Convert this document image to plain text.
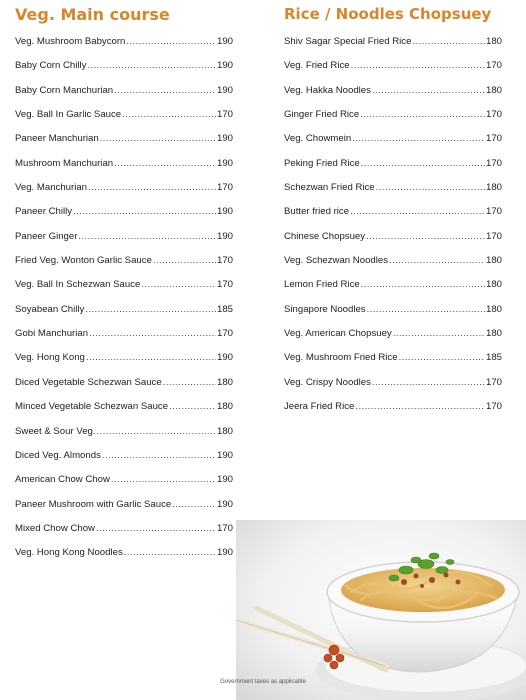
Veg. Main course
Veg. Mushroom Babycorn .....	190
Baby Corn Chilly .....	190
Baby Corn Manchurian .....	190
Veg. Ball In Garlic Sauce .....	170
Paneer Manchurian .....	190
Mushroom Manchurian .....	190
Veg. Manchurian .....	170
Paneer Chilly .....	190
Paneer Ginger .....	190
Fried Veg. Wonton Garlic Sauce .....	170
Veg. Ball In Schezwan Sauce .....	170
Soyabean Chilly .....	185
Gobi Manchurian .....	170
Veg. Hong Kong .....	190
Diced Vegetable Schezwan Sauce .....	180
Minced Vegetable Schezwan Sauce .....	180
Sweet & Sour Veg. .....	180
Diced Veg. Almonds .....	190
American Chow Chow .....	190
Paneer Mushroom with Garlic Sauce .....	190
Mixed Chow Chow .....	170
Veg. Hong Kong Noodles .....	190
Rice / Noodles Chopsuey
Shiv Sagar Special Fried Rice .....	180
Veg. Fried Rice .....	170
Veg. Hakka Noodles .....	180
Ginger Fried Rice .....	170
Veg. Chowmein .....	170
Peking Fried Rice .....	170
Schezwan Fried Rice .....	180
Butter fried rice .....	170
Chinese Chopsuey .....	170
Veg. Schezwan Noodles .....	180
Lemon Fried Rice .....	180
Singapore Noodles .....	180
Veg. American Chopsuey .....	180
Veg. Mushroom Fried Rice .....	185
Veg. Crispy Noodles .....	170
Jeera Fried Rice .....	170
Government taxes as applicable
